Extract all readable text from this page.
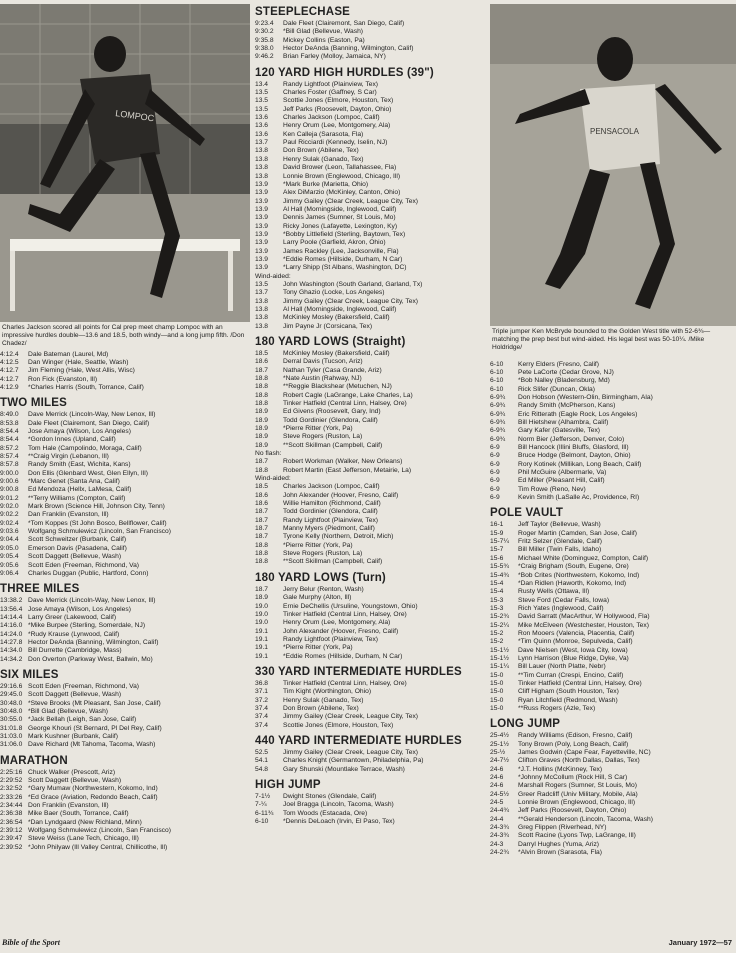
LOMPOC
Charles Jackson scored all points for Cal prep meet champ Lompoc with an impressive hurdles double—13.6 and 18.5, both windy—and a long jump fifth. /Don Chadez/
4:12.4	Dale Bateman (Laurel, Md)
4:12.5	Dan Winger (Hale, Seattle, Wash)
4:12.7	Jim Fleming (Hale, West Allis, Wisc)
4:12.7	Ron Fick (Evanston, Ill)
4:12.9	*Charles Harris (South, Torrance, Calif)
TWO MILES
8:49.0	Dave Merrick (Lincoln-Way, New Lenox, Ill)
8:53.8	Dale Fleet (Clairemont, San Diego, Calif)
8:54.4	Jose Amaya (Wilson, Los Angeles)
8:54.4	*Gordon Innes (Upland, Calif)
8:57.2	Tom Hale (Campolindo, Moraga, Calif)
8:57.4	**Craig Virgin (Lebanon, Ill)
8:57.8	Randy Smith (East, Wichita, Kans)
9:00.0	Don Ellis (Glenbard West, Glen Ellyn, Ill)
9:00.6	*Marc Genet (Santa Ana, Calif)
9:00.8	Ed Mendoza (Hellx, LaMesa, Calif)
9:01.2	**Terry Williams (Compton, Calif)
9:02.0	Mark Brown (Science Hill, Johnson City, Tenn)
9:02.2	Dan Franklin (Evanston, Ill)
9:02.4	*Tom Koppes (St John Bosco, Bellflower, Calif)
9:03.6	Wolfgang Schmulewicz (Lincoln, San Francisco)
9:04.4	Scott Schweitzer (Burbank, Calif)
9:05.0	Emerson Davis (Pasadena, Calif)
9:05.4	Scott Daggett (Bellevue, Wash)
9:05.6	Scott Eden (Freeman, Richmond, Va)
9:06.4	Charles Duggan (Public, Hartford, Conn)
THREE MILES
13:38.2 Dave Merrick (Lincoln-Way, New Lenox, Ill)
13:56.4 Jose Amaya (Wilson, Los Angeles)
14:14.4 Larry Greer (Lakewood, Calif)
14:16.0 *Mike Burpee (Sterling, Somerdale, NJ)
14:24.0 *Rudy Krause (Lynwood, Calif)
14:27.8 Hector DeAnda (Banning, Wilmington, Calif)
14:34.0 Bill Durrette (Cambridge, Mass)
14:34.2 Don Overton (Parkway West, Ballwin, Mo)
SIX MILES
29:16.6 Scott Eden (Freeman, Richmond, Va)
29:45.0 Scott Daggett (Bellevue, Wash)
30:48.0 *Steve Brooks (Mt Pleasant, San Jose, Calif)
30:48.0 *Bill Glad (Bellevue, Wash)
30:55.0 *Jack Bellah (Leigh, San Jose, Calif)
31:01.8 George Khouri (St Bernard, Pl Del Rey, Calif)
31:03.0 Mark Kushner (Burbank, Calif)
31:06.0 Dave Richard (Mt Tahoma, Tacoma, Wash)
MARATHON
2:25:16 Chuck Walker (Prescott, Ariz)
2:29:52 Scott Daggett (Bellevue, Wash)
2:32:52 *Gary Mumaw (Northwestern, Kokomo, Ind)
2:33:26 *Ed Grace (Aviation, Redondo Beach, Calif)
2:34:44 Don Franklin (Evanston, Ill)
2:36:38 Mike Baer (South, Torrance, Calif)
2:36:54 *Dan Lyndgaard (New Richland, Minn)
2:39:12 Wolfgang Schmulewicz (Lincoln, San Francisco)
2:39:47 Steve Weiss (Lane Tech, Chicago, Ill)
2:39:52 *John Philyaw (Ill Valley Central, Chillicothe, Ill)
STEEPLECHASE
9:23.4	Dale Fleet (Clairemont, San Diego, Calif)
9:30.2	*Bill Glad (Bellevue, Wash)
9:35.8	Mickey Collins (Easton, Pa)
9:38.0	Hector DeAnda (Banning, Wilmington, Calif)
9:46.2	Brian Farley (Molloy, Jamaica, NY)
120 YARD HIGH HURDLES (39")
13.4	Randy Lightfoot (Plainview, Tex)
13.5	Charles Foster (Gaffney, S Car)
13.5	Scottie Jones (Elmore, Houston, Tex)
13.5	Jeff Parks (Roosevelt, Dayton, Ohio)
13.6	Charles Jackson (Lompoc, Calif)
13.6	Henry Orum (Lee, Montgomery, Ala)
13.6	Ken Calleja (Sarasota, Fla)
13.7	Paul Ricciardi (Kennedy, Iselin, NJ)
13.8	Don Brown (Abilene, Tex)
13.8	Henry Sulak (Ganado, Tex)
13.8	David Brower (Leon, Tallahassee, Fla)
13.8	Lonnie Brown (Englewood, Chicago, Ill)
13.9	*Mark Burke (Marietta, Ohio)
13.9	Alex DiMarzio (McKinley, Canton, Ohio)
13.9	Jimmy Gailey (Clear Creek, League City, Tex)
13.9	Al Hall (Morningside, Inglewood, Calif)
13.9	Dennis James (Sumner, St Louis, Mo)
13.9	Ricky Jones (Lafayette, Lexington, Ky)
13.9	*Bobby Littlefield (Sterling, Baytown, Tex)
13.9	Larry Poole (Garfield, Akron, Ohio)
13.9	James Rackley (Lee, Jacksonville, Fla)
13.9	*Eddie Romes (Hillside, Durham, N Car)
13.9	*Larry Shipp (St Albans, Washington, DC)
Wind-aided:
13.5	John Washington (South Garland, Garland, Tx)
13.7	Tony Ghazio (Locke, Los Angeles)
13.8	Jimmy Gailey (Clear Creek, League City, Tex)
13.8	Al Hall (Morningside, Inglewood, Calif)
13.8	McKinley Mosley (Bakersfield, Calif)
13.8	Jim Payne Jr (Corsicana, Tex)
180 YARD LOWS (Straight)
18.5	McKinley Mosley (Bakersfield, Calif)
18.6	Derral Davis (Tucson, Ariz)
18.7	Nathan Tyler (Casa Grande, Ariz)
18.8	*Nate Austin (Rahway, NJ)
18.8	**Reggie Blackshear (Metuchen, NJ)
18.8	Robert Cagle (LaGrange, Lake Charles, La)
18.8	Tinker Hatfield (Central Linn, Halsey, Ore)
18.9	Ed Givens (Roosevelt, Gary, Ind)
18.9	Todd Gordinier (Glendora, Calif)
18.9	*Pierre Ritter (York, Pa)
18.9	Steve Rogers (Ruston, La)
18.9	**Scott Skillman (Campbell, Calif)
No flash:
18.7	Robert Workman (Walker, New Orleans)
18.8	Robert Martin (East Jefferson, Metairie, La)
Wind-aided:
18.5	Charles Jackson (Lompoc, Calif)
18.6	John Alexander (Hoover, Fresno, Calif)
18.6	Willie Hamilton (Richmond, Calif)
18.7	Todd Gordinier (Glendora, Calif)
18.7	Randy Lightfoot (Plainview, Tex)
18.7	Manny Myers (Piedmont, Calif)
18.7	Tyrone Kelly (Northern, Detroit, Mich)
18.8	*Pierre Ritter (York, Pa)
18.8	Steve Rogers (Ruston, La)
18.8	**Scott Skillman (Campbell, Calif)
180 YARD LOWS (Turn)
18.7	Jerry Belur (Renton, Wash)
18.9	Gale Murphy (Alton, Ill)
19.0	Ernie DeChellis (Ursuline, Youngstown, Ohio)
19.0	Tinker Hatfield (Central Linn, Halsey, Ore)
19.0	Henry Orum (Lee, Montgomery, Ala)
19.1	John Alexander (Hoover, Fresno, Calif)
19.1	Randy Lightfoot (Plainview, Tex)
19.1	*Pierre Ritter (York, Pa)
19.1	*Eddie Romes (Hillside, Durham, N Car)
330 YARD INTERMEDIATE HURDLES
36.8	Tinker Hatfield (Central Linn, Halsey, Ore)
37.1	Tim Kight (Worthington, Ohio)
37.2	Henry Sulak (Ganado, Tex)
37.4	Don Brown (Abilene, Tex)
37.4	Jimmy Gailey (Clear Creek, League City, Tex)
37.4	Scottie Jones (Elmore, Houston, Tex)
440 YARD INTERMEDIATE HURDLES
52.5	Jimmy Gailey (Clear Creek, League City, Tex)
54.1	Charles Knight (Germantown, Philadelphia, Pa)
54.8	Gary Shunski (Mountlake Terrace, Wash)
HIGH JUMP
7-1½	Dwight Stones (Glendale, Calif)
7-¼	Joel Bragga (Lincoln, Tacoma, Wash)
6-11¾	Tom Woods (Estacada, Ore)
6-10	*Dennis DeLoach (Irvin, El Paso, Tex)
PENSACOLA
Triple jumper Ken McBryde bounded to the Golden West title with 52-6¾—matching the prep best but wind-aided. His legal best was 50-10¼. /Mike Holdridge/
6-10	Kerry Elders (Fresno, Calif)
6-10	Pete LaCorte (Cedar Grove, NJ)
6-10	*Bob Nalley (Bladensburg, Md)
6-10	Rick Slifer (Duncan, Okla)
6-9¾	Don Hobson (Western-Olin, Birmingham, Ala)
6-9¾	Randy Smith (McPherson, Kans)
6-9¾	Eric Ritterath (Eagle Rock, Los Angeles)
6-9¾	Bill Hietshew (Alhambra, Calif)
6-9¾	Gary Kafer (Gatesville, Tex)
6-9¾	Norm Bier (Jefferson, Denver, Colo)
6-9	Bill Hancock (Illini Bluffs, Glasford, Ill)
6-9	Bruce Hodge (Belmont, Dayton, Ohio)
6-9	Rory Kotinek (Millikan, Long Beach, Calif)
6-9	Phil McGuire (Albermarle, Va)
6-9	Ed Miller (Pleasant Hill, Calif)
6-9	Tim Rowe (Reno, Nev)
6-9	Kevin Smith (LaSalle Ac, Providence, RI)
POLE VAULT
16-1	Jeff Taylor (Bellevue, Wash)
15-9	Roger Martin (Camden, San Jose, Calif)
15-7¼	Fritz Selzer (Glendale, Calif)
15-7	Bill Miller (Twin Falls, Idaho)
15-6	Michael White (Dominguez, Compton, Calif)
15-5¾	*Craig Brigham (South, Eugene, Ore)
15-4¾	*Bob Crites (Northwestern, Kokomo, Ind)
15-4	*Dan Ridlen (Haworth, Kokomo, Ind)
15-4	Rusty Wells (Ottawa, Ill)
15-3	Steve Ford (Cedar Falls, Iowa)
15-3	Rich Yates (Inglewood, Calif)
15-2¾	David Sarratt (MacArthur, W Hollywood, Fla)
15-2¼	Mike McElveen (Westchester, Houston, Tex)
15-2	Ron Mooers (Valencia, Placentia, Calif)
15-2	*Tim Quinn (Monroe, Sepulveda, Calif)
15-1½	Dave Nielsen (West, Iowa City, Iowa)
15-1½	Lynn Harrison (Blue Ridge, Dyke, Va)
15-1¼	Bill Lauer (North Platte, Nebr)
15-0	**Tim Curran (Crespi, Encino, Calif)
15-0	Tinker Hatfield (Central Linn, Halsey, Ore)
15-0	Cliff Higham (South Houston, Tex)
15-0	Ryan Litchfield (Redmond, Wash)
15-0	**Russ Rogers (Azle, Tex)
LONG JUMP
25-4½	Randy Williams (Edison, Fresno, Calif)
25-1½	Tony Brown (Poly, Long Beach, Calif)
25-½	James Godwin (Cape Fear, Fayetteville, NC)
24-7½	Clifton Graves (North Dallas, Dallas, Tex)
24-6	*J.T. Hollins (McKinney, Tex)
24-6	*Johnny McCollum (Rock Hill, S Car)
24-6	Marshall Rogers (Sumner, St Louis, Mo)
24-5½	Greer Radcliff (Univ Military, Mobile, Ala)
24-5	Lonnie Brown (Englewood, Chicago, Ill)
24-4¾	Jeff Parks (Roosevelt, Dayton, Ohio)
24-4	**Gerald Henderson (Lincoln, Tacoma, Wash)
24-3¾	Greg Flippen (Riverhead, NY)
24-3¾	Scott Racine (Lyons Twp, LaGrange, Ill)
24-3	Darryl Hughes (Yuma, Ariz)
24-2¾	*Alvin Brown (Sarasota, Fla)
Bible of the Sport	January 1972—57
